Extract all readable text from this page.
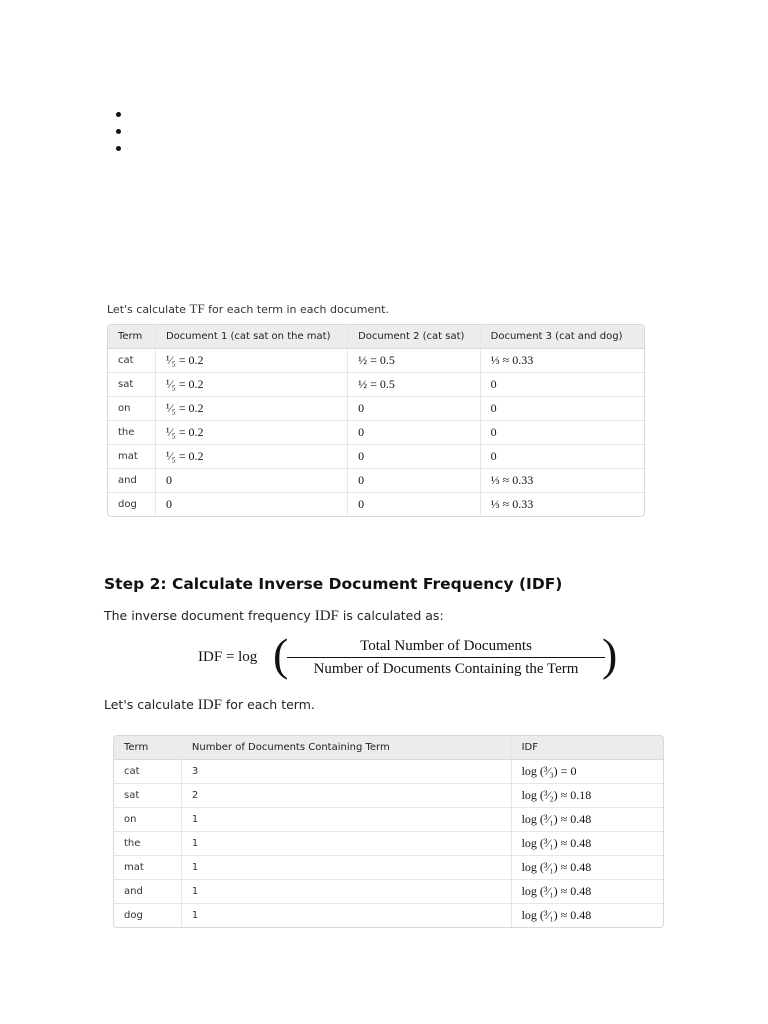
Let's calculate TF for each term in each document.
Term	Document 1 (cat sat on the mat)	Document 2 (cat sat)	Document 3 (cat and dog)
cat	¹⁄₅ = 0.2	½ = 0.5	⅓ ≈ 0.33
sat	¹⁄₅ = 0.2	½ = 0.5	0
on	¹⁄₅ = 0.2	0	0
the	¹⁄₅ = 0.2	0	0
mat	¹⁄₅ = 0.2	0	0
and	0	0	⅓ ≈ 0.33
dog	0	0	⅓ ≈ 0.33
Step 2: Calculate Inverse Document Frequency (IDF)
The inverse document frequency IDF is calculated as:
IDF = log (	Total Number of Documents
Number of Documents Containing the Term )
Let's calculate IDF for each term.
Term	Number of Documents Containing Term	IDF
cat	3	log (³⁄₃) = 0
sat	2	log (³⁄₂) ≈ 0.18
on	1	log (³⁄₁) ≈ 0.48
the	1	log (³⁄₁) ≈ 0.48
mat	1	log (³⁄₁) ≈ 0.48
and	1	log (³⁄₁) ≈ 0.48
dog	1	log (³⁄₁) ≈ 0.48
